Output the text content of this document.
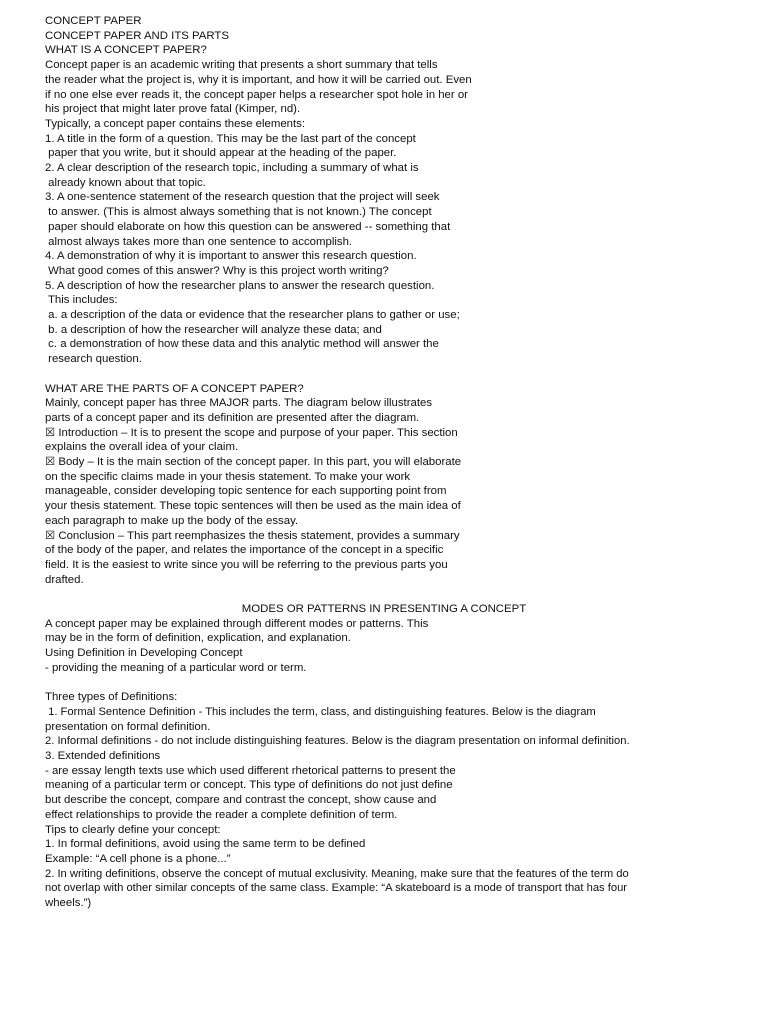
CONCEPT PAPER
CONCEPT PAPER AND ITS PARTS
WHAT IS A CONCEPT PAPER?
Concept paper is an academic writing that presents a short summary that tells
the reader what the project is, why it is important, and how it will be carried out. Even
if no one else ever reads it, the concept paper helps a researcher spot hole in her or
his project that might later prove fatal (Kimper, nd).
Typically, a concept paper contains these elements:
1. A title in the form of a question. This may be the last part of the concept
paper that you write, but it should appear at the heading of the paper.
2. A clear description of the research topic, including a summary of what is
already known about that topic.
3. A one-sentence statement of the research question that the project will seek
to answer. (This is almost always something that is not known.) The concept
paper should elaborate on how this question can be answered -- something that
almost always takes more than one sentence to accomplish.
4. A demonstration of why it is important to answer this research question.
What good comes of this answer? Why is this project worth writing?
5. A description of how the researcher plans to answer the research question.
This includes:
a. a description of the data or evidence that the researcher plans to gather or use;
b. a description of how the researcher will analyze these data; and
c. a demonstration of how these data and this analytic method will answer the
research question.
WHAT ARE THE PARTS OF A CONCEPT PAPER?
Mainly, concept paper has three MAJOR parts. The diagram below illustrates
parts of a concept paper and its definition are presented after the diagram.
☒ Introduction – It is to present the scope and purpose of your paper. This section
explains the overall idea of your claim.
☒ Body – It is the main section of the concept paper. In this part, you will elaborate
on the specific claims made in your thesis statement. To make your work
manageable, consider developing topic sentence for each supporting point from
your thesis statement. These topic sentences will then be used as the main idea of
each paragraph to make up the body of the essay.
☒ Conclusion – This part reemphasizes the thesis statement, provides a summary
of the body of the paper, and relates the importance of the concept in a specific
field. It is the easiest to write since you will be referring to the previous parts you
drafted.
MODES OR PATTERNS IN PRESENTING A CONCEPT
A concept paper may be explained through different modes or patterns. This
may be in the form of definition, explication, and explanation.
Using Definition in Developing Concept
- providing the meaning of a particular word or term.
Three types of Definitions:
1. Formal Sentence Definition - This includes the term, class, and distinguishing features. Below is the diagram
presentation on formal definition.
2. Informal definitions - do not include distinguishing features. Below is the diagram presentation on informal definition.
3. Extended definitions
- are essay length texts use which used different rhetorical patterns to present the
meaning of a particular term or concept. This type of definitions do not just define
but describe the concept, compare and contrast the concept, show cause and
effect relationships to provide the reader a complete definition of term.
Tips to clearly define your concept:
1. In formal definitions, avoid using the same term to be defined
Example: “A cell phone is a phone...”
2. In writing definitions, observe the concept of mutual exclusivity. Meaning, make sure that the features of the term do
not overlap with other similar concepts of the same class. Example: “A skateboard is a mode of transport that has four
wheels.”)
